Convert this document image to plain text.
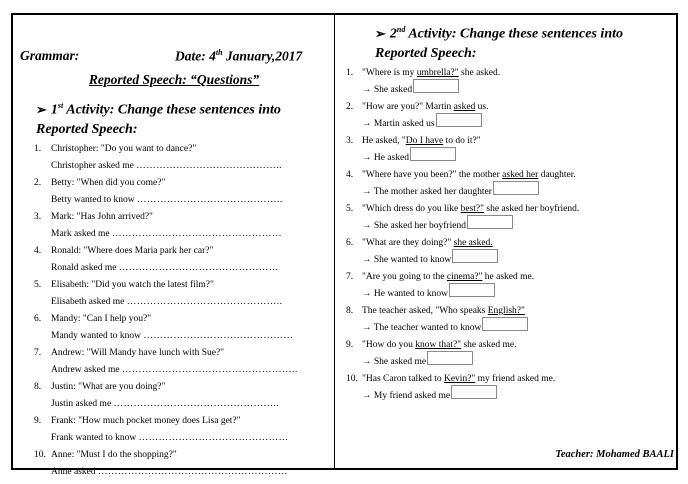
Grammar:	Date: 4th January,2017
Reported Speech: “Questions”
➢ 1st Activity: Change these sentences into Reported Speech:
1.	Christopher: "Do you want to dance?"
Christopher asked me ……………………………………..
2.	Betty: "When did you come?"
Betty wanted to know ……………………………………..
3.	Mark: "Has John arrived?"
Mark asked me ……………………………………………
4.	Ronald: "Where does Maria park her car?"
Ronald asked me …………………………………………
5.	Elisabeth: "Did you watch the latest film?"
Elisabeth asked me ………………………………………..
6.	Mandy: "Can I help you?"
Mandy wanted to know ………………………………………
7.	Andrew: "Will Mandy have lunch with Sue?"
Andrew asked me ……………………………………………..
8.	Justin: "What are you doing?"
Justin asked me …………………………………………..
9.	Frank: "How much pocket money does Lisa get?"
Frank wanted to know ………………………………………
10. Anne: "Must I do the shopping?"
Anne asked …………………………………………………
➢ 2nd Activity: Change these sentences into Reported Speech:
1. "Where is my umbrella?" she asked.
→ She asked
2. "How are you?" Martin asked us.
→ Martin asked us
3. He asked, "Do I have to do it?"
→ He asked
4. "Where have you been?" the mother asked her daughter.
→ The mother asked her daughter
5. "Which dress do you like best?" she asked her boyfriend.
→ She asked her boyfriend
6. "What are they doing?" she asked.
→ She wanted to know
7. "Are you going to the cinema?" he asked me.
→ He wanted to know
8. The teacher asked, "Who speaks English?"
→ The teacher wanted to know
9. "How do you know that?" she asked me.
→ She asked me
10. "Has Caron talked to Kevin?" my friend asked me.
→ My friend asked me
Teacher: Mohamed BAALI
